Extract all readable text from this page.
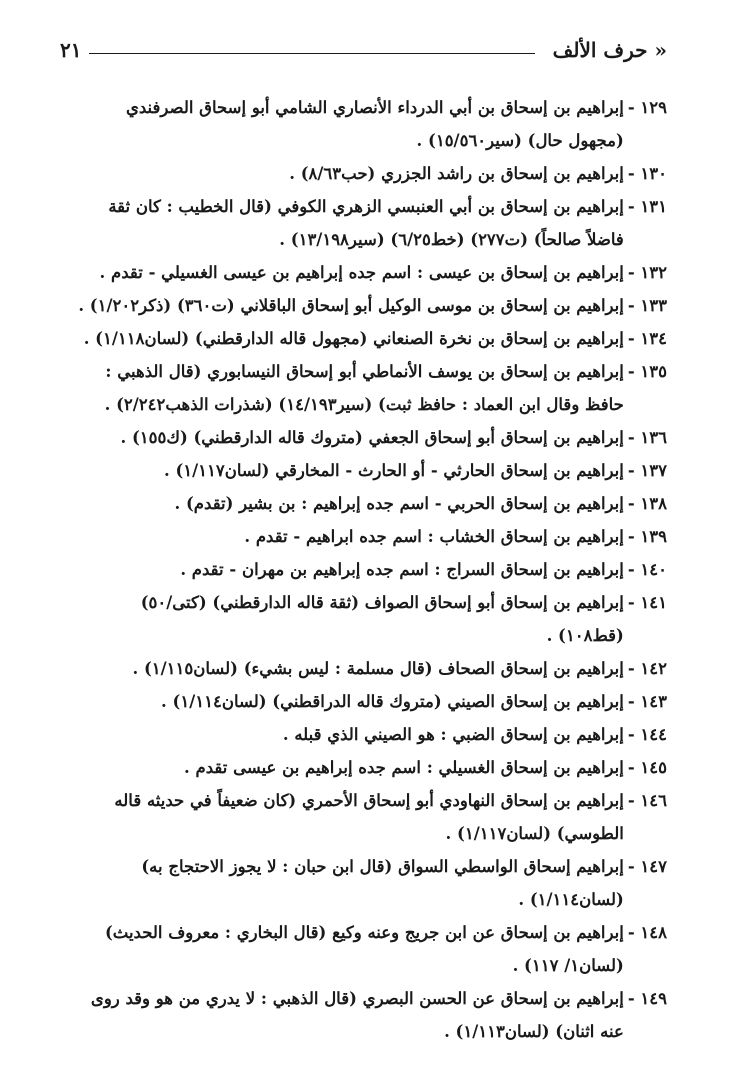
« حرف الألف
٢١
١٢٩ -
إبراهيم بن إسحاق بن أبي الدرداء الأنصاري الشامي أبو إسحاق الصرفندي (مجهول حال) (سير١٥/٥٦٠) .
١٣٠ -
إبراهيم بن إسحاق بن راشد الجزري (حب٨/٦٣) .
١٣١ -
إبراهيم بن إسحاق بن أبي العنبسي الزهري الكوفي (قال الخطيب : كان ثقة فاضلاً صالحاً) (ت٢٧٧) (خط٦/٢٥) (سير١٣/١٩٨) .
١٣٢ -
إبراهيم بن إسحاق بن عيسى : اسم جده إبراهيم بن عيسى الغسيلي - تقدم .
١٣٣ -
إبراهيم بن إسحاق بن موسى الوكيل أبو إسحاق الباقلاني (ت٣٦٠) (ذكر١/٢٠٢) .
١٣٤ -
إبراهيم بن إسحاق بن نخرة الصنعاني (مجهول قاله الدارقطني) (لسان١/١١٨) .
١٣٥ -
إبراهيم بن إسحاق بن يوسف الأنماطي أبو إسحاق النيسابوري (قال الذهبي : حافظ وقال ابن العماد : حافظ ثبت) (سير١٤/١٩٣) (شذرات الذهب٢/٢٤٢) .
١٣٦ -
إبراهيم بن إسحاق أبو إسحاق الجعفي (متروك قاله الدارقطني) (ك١٥٥) .
١٣٧ -
إبراهيم بن إسحاق الحارثي - أو الحارث - المخارقي (لسان١/١١٧) .
١٣٨ -
إبراهيم بن إسحاق الحربي - اسم جده إبراهيم : بن بشير (تقدم) .
١٣٩ -
إبراهيم بن إسحاق الخشاب : اسم جده ابراهيم - تقدم .
١٤٠ -
إبراهيم بن إسحاق السراج : اسم جده إبراهيم بن مهران - تقدم .
١٤١ -
إبراهيم بن إسحاق أبو إسحاق الصواف (ثقة قاله الدارقطني) (كتى/٥٠) (قط١٠٨) .
١٤٢ -
إبراهيم بن إسحاق الصحاف (قال مسلمة : ليس بشيء) (لسان١/١١٥) .
١٤٣ -
إبراهيم بن إسحاق الصيني (متروك قاله الدراقطني) (لسان١/١١٤) .
١٤٤ -
إبراهيم بن إسحاق الضبي : هو الصيني الذي قبله .
١٤٥ -
إبراهيم بن إسحاق الغسيلي : اسم جده إبراهيم بن عيسى تقدم .
١٤٦ -
إبراهيم بن إسحاق النهاودي أبو إسحاق الأحمري (كان ضعيفاً في حديثه قاله الطوسي) (لسان١/١١٧) .
١٤٧ -
إبراهيم إسحاق الواسطي السواق (قال ابن حبان : لا يجوز الاحتجاج به) (لسان١/١١٤) .
١٤٨ -
إبراهيم بن إسحاق عن ابن جريج وعنه وكيع (قال البخاري : معروف الحديث) (لسان١/ ١١٧) .
١٤٩ -
إبراهيم بن إسحاق عن الحسن البصري (قال الذهبي : لا يدري من هو وقد روى عنه اثنان) (لسان١/١١٣) .
